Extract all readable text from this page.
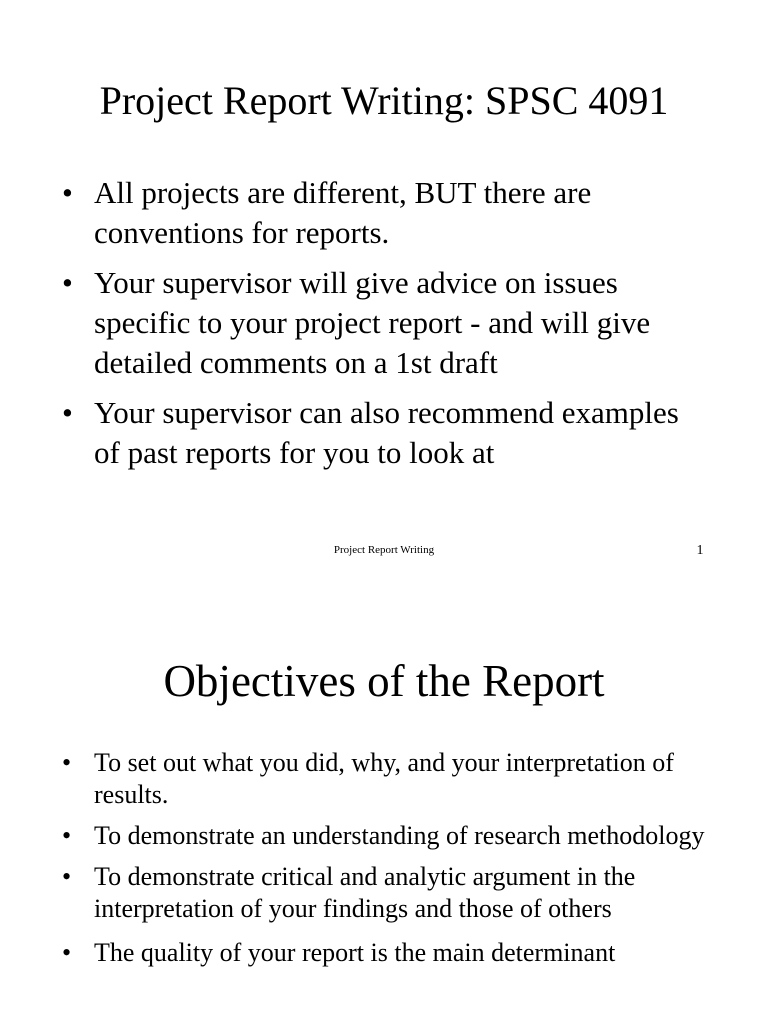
Project Report Writing: SPSC 4091
• All projects are different, BUT there are conventions for reports.
• Your supervisor will give advice on issues specific to your project report - and will give detailed comments on a 1st draft
• Your supervisor can also recommend examples of past reports for you to look at
Project Report Writing	1
Objectives of the Report
• To set out what you did, why, and your interpretation of results.
• To demonstrate an understanding of research methodology
• To demonstrate critical and analytic argument in the interpretation of your findings and those of others
• The quality of your report is the main determinant
